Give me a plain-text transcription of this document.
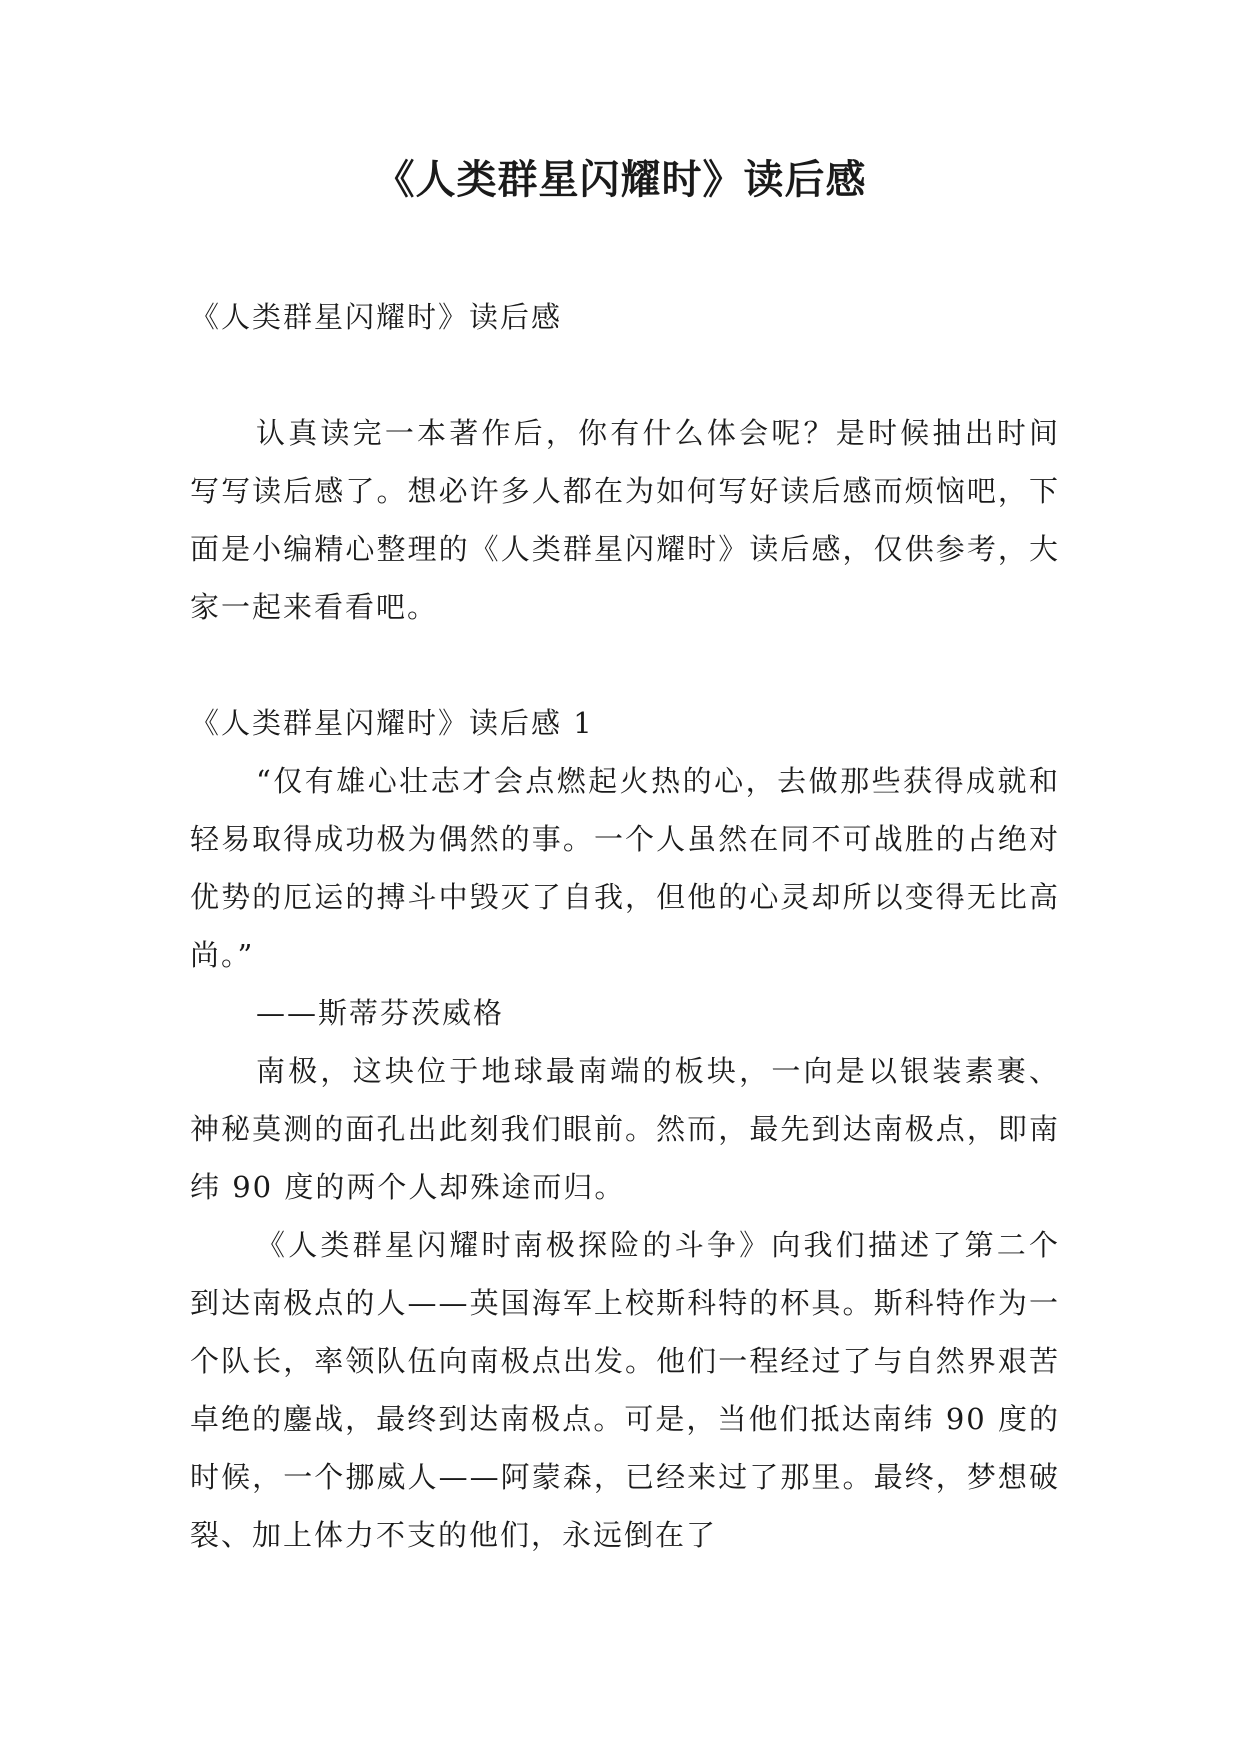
《人类群星闪耀时》读后感

《人类群星闪耀时》读后感

认真读完一本著作后，你有什么体会呢？是时候抽出时间写写读后感了。想必许多人都在为如何写好读后感而烦恼吧，下面是小编精心整理的《人类群星闪耀时》读后感，仅供参考，大家一起来看看吧。

《人类群星闪耀时》读后感 1

“仅有雄心壮志才会点燃起火热的心，去做那些获得成就和轻易取得成功极为偶然的事。一个人虽然在同不可战胜的占绝对优势的厄运的搏斗中毁灭了自我，但他的心灵却所以变得无比高尚。”

——斯蒂芬茨威格

南极，这块位于地球最南端的板块，一向是以银装素裹、神秘莫测的面孔出此刻我们眼前。然而，最先到达南极点，即南纬 90 度的两个人却殊途而归。

《人类群星闪耀时南极探险的斗争》向我们描述了第二个到达南极点的人——英国海军上校斯科特的杯具。斯科特作为一个队长，率领队伍向南极点出发。他们一程经过了与自然界艰苦卓绝的鏖战，最终到达南极点。可是，当他们抵达南纬 90 度的时候，一个挪威人——阿蒙森，已经来过了那里。最终，梦想破裂、加上体力不支的他们，永远倒在了
